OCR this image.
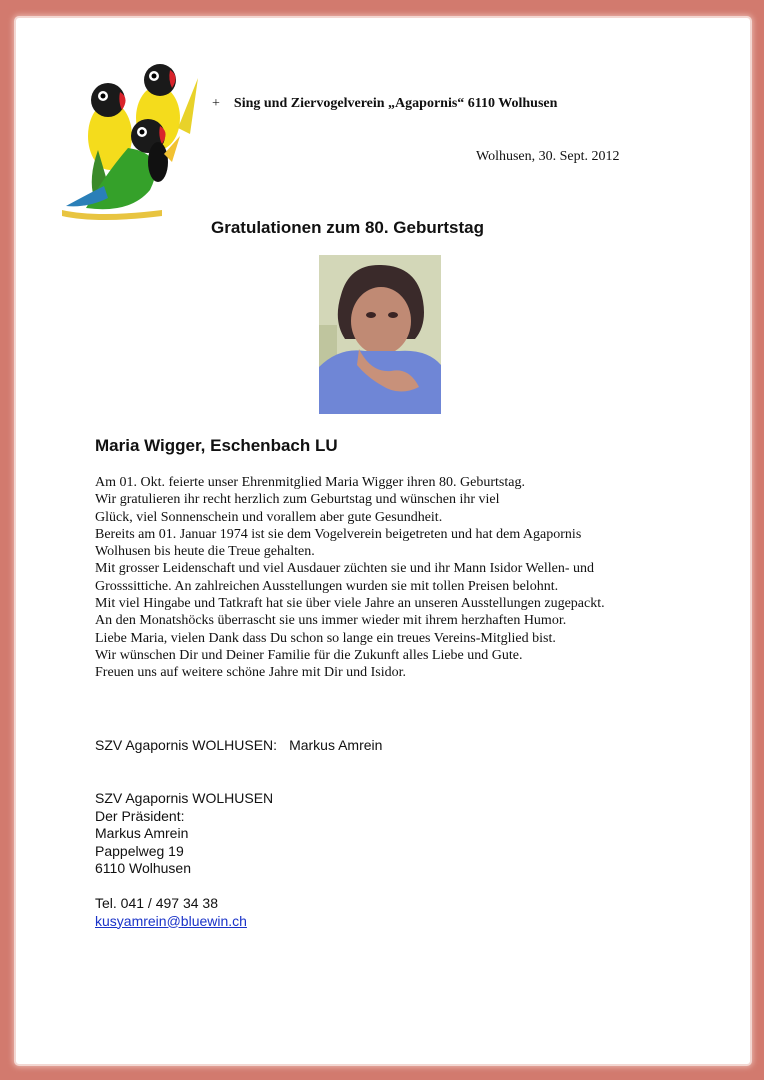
+ Sing und Ziervogelverein „Agapornis“ 6110 Wolhusen
Wolhusen, 30. Sept. 2012
Gratulationen zum 80. Geburtstag
Maria Wigger, Eschenbach LU
Am 01. Okt. feierte unser Ehrenmitglied Maria Wigger ihren 80. Geburtstag.
Wir gratulieren ihr recht herzlich zum Geburtstag und wünschen ihr viel
Glück, viel Sonnenschein und vorallem aber gute Gesundheit.
Bereits am 01. Januar 1974 ist sie dem Vogelverein beigetreten und hat dem Agapornis
Wolhusen bis heute die Treue gehalten.
Mit grosser Leidenschaft und viel Ausdauer züchten sie und ihr Mann Isidor Wellen- und
Grosssittiche. An zahlreichen Ausstellungen wurden sie mit tollen Preisen belohnt.
Mit viel Hingabe und Tatkraft hat sie über viele Jahre an unseren Ausstellungen zugepackt.
An den Monatshöcks überrascht sie uns immer wieder mit ihrem herzhaften Humor.
Liebe Maria, vielen Dank dass Du schon so lange ein treues Vereins-Mitglied bist.
Wir wünschen Dir und Deiner Familie für die Zukunft alles Liebe und Gute.
Freuen uns auf weitere schöne Jahre mit Dir und Isidor.
SZV Agapornis WOLHUSEN: Markus Amrein
SZV Agapornis WOLHUSEN
Der Präsident:
Markus Amrein
Pappelweg 19
6110 Wolhusen
Tel. 041 / 497 34 38
kusyamrein@bluewin.ch
